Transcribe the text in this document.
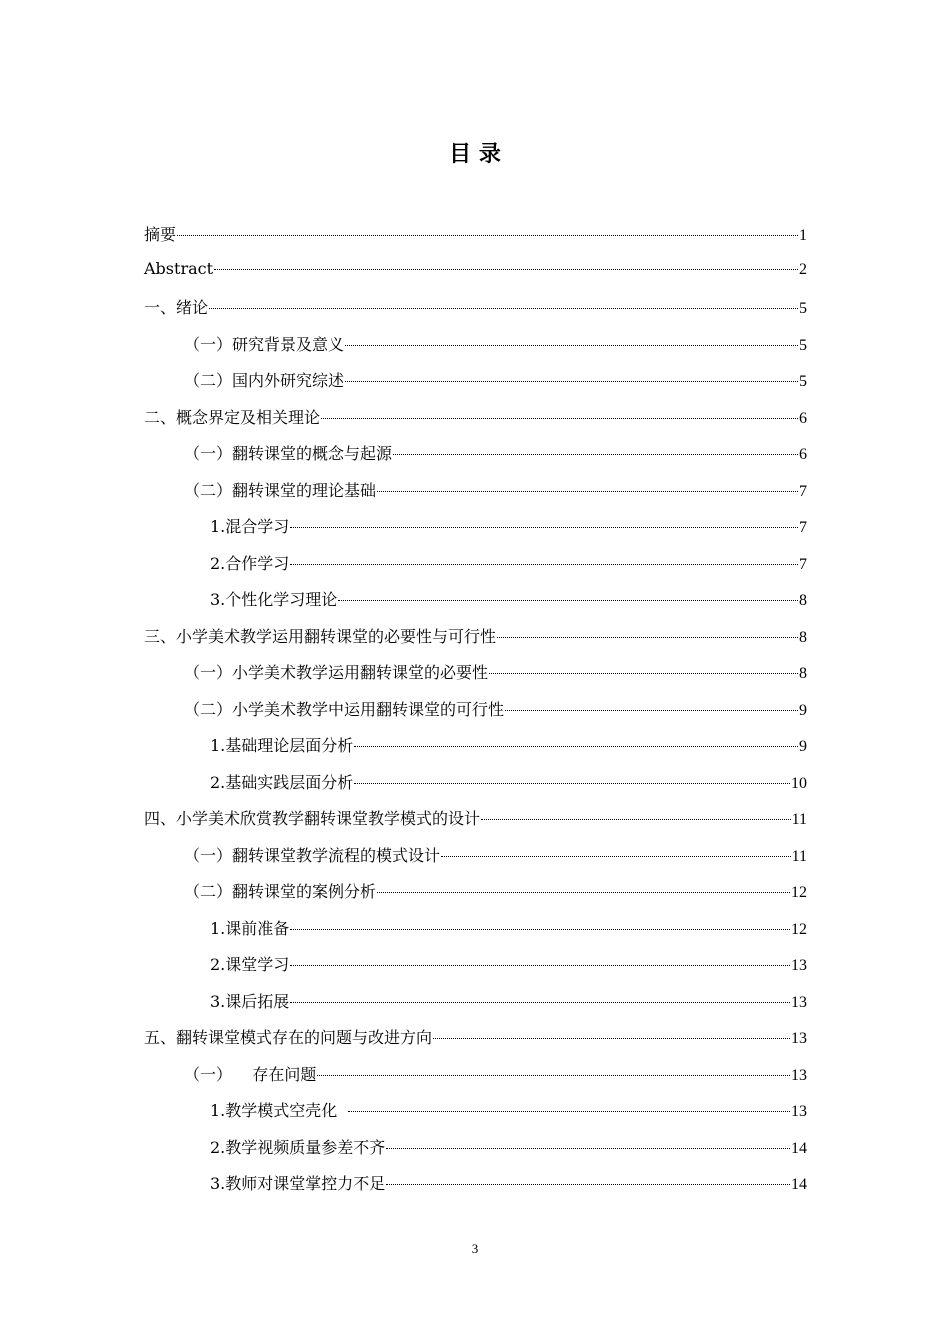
目 录
摘要	1
Abstract	2
一、绪论	5
（一）研究背景及意义	5
（二）国内外研究综述	5
二、概念界定及相关理论	6
（一）翻转课堂的概念与起源	6
（二）翻转课堂的理论基础	7
1.混合学习	7
2.合作学习	7
3.个性化学习理论	8
三、小学美术教学运用翻转课堂的必要性与可行性	8
（一）小学美术教学运用翻转课堂的必要性	8
（二）小学美术教学中运用翻转课堂的可行性	9
1.基础理论层面分析	9
2.基础实践层面分析	10
四、小学美术欣赏教学翻转课堂教学模式的设计	11
（一）翻转课堂教学流程的模式设计	11
（二）翻转课堂的案例分析	12
1.课前准备	12
2.课堂学习	13
3.课后拓展	13
五、翻转课堂模式存在的问题与改进方向	13
（一）    存在问题	13
1.教学模式空壳化	13
2.教学视频质量参差不齐	14
3.教师对课堂掌控力不足	14
3
